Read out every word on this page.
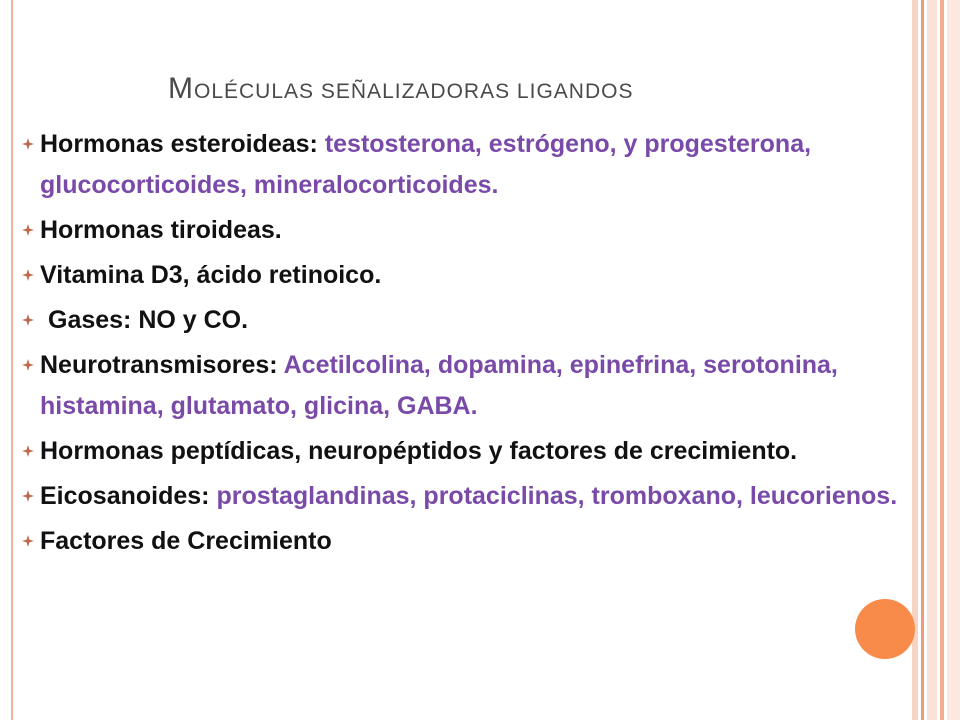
MOLÉCULAS SEÑALIZADORAS LIGANDOS
Hormonas esteroideas: testosterona, estrógeno, y progesterona, glucocorticoides, mineralocorticoides.
Hormonas tiroideas.
Vitamina D3, ácido retinoico.
Gases: NO y CO.
Neurotransmisores: Acetilcolina, dopamina, epinefrina, serotonina, histamina, glutamato, glicina, GABA.
Hormonas peptídicas, neuropéptidos y factores de crecimiento.
Eicosanoides: prostaglandinas, protaciclinas, tromboxano, leucorienos.
Factores de Crecimiento
